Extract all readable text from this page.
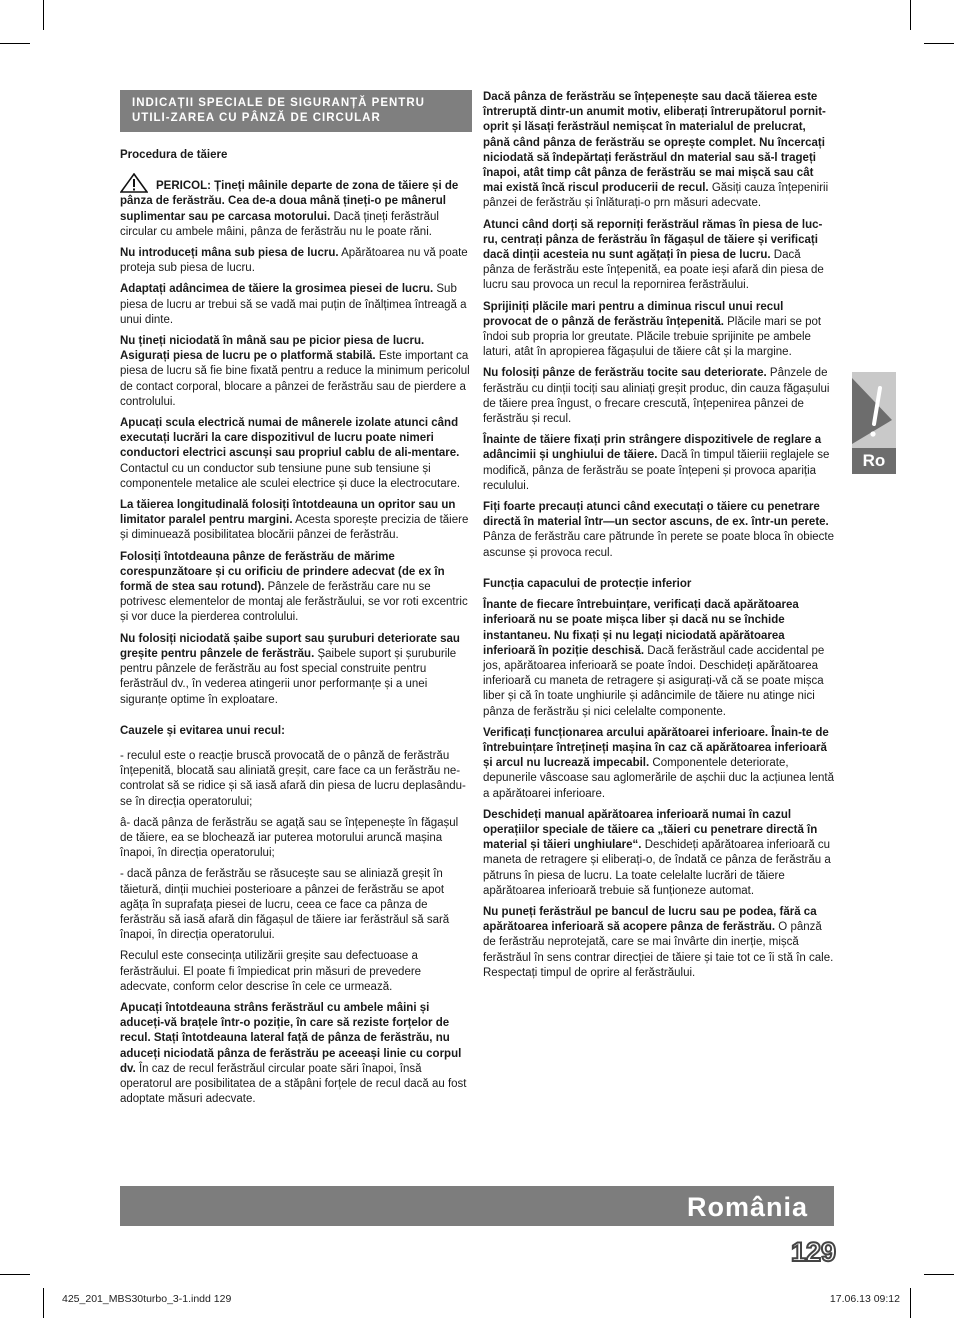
INDICAȚII SPECIALE DE SIGURANȚĂ PENTRU UTILI-ZAREA CU PÂNZĂ DE CIRCULAR

Procedura de tăiere

PERICOL: Țineți mâinile departe de zona de tăiere și de pânza de ferăstrău. Cea de-a doua mână țineți-o pe mânerul suplimentar sau pe carcasa motorului. Dacă țineți ferăstrăul circular cu ambele mâini, pânza de ferăstrău nu le poate răni.

Nu introduceți mâna sub piesa de lucru. Apărătoarea nu vă poate proteja sub piesa de lucru.

Adaptați adâncimea de tăiere la grosimea piesei de lucru. Sub piesa de lucru ar trebui să se vadă mai puțin de înălțimea întreagă a unui dinte.

Nu țineți niciodată în mână sau pe picior piesa de lucru. Asigurați piesa de lucru pe o platformă stabilă. Este important ca piesa de lucru să fie bine fixată pentru a reduce la minimum pericolul de contact corporal, blocare a pânzei de ferăstrău sau de pierdere a controlului.

Apucați scula electrică numai de mânerele izolate atunci când executați lucrări la care dispozitivul de lucru poate nimeri conductori electrici ascunși sau propriul cablu de ali-mentare. Contactul cu un conductor sub tensiune pune sub tensiune și componentele metalice ale sculei electrice și duce la electrocutare.

La tăierea longitudinală folosiți întotdeauna un opritor sau un limitator paralel pentru margini. Acesta sporește precizia de tăiere și diminuează posibilitatea blocării pânzei de ferăstrău.

Folosiți întotdeauna pânze de ferăstrău de mărime corespunzătoare și cu orificiu de prindere adecvat (de ex în formă de stea sau rotund). Pânzele de ferăstrău care nu se potrivesc elementelor de montaj ale ferăstrăului, se vor roti excentric și vor duce la pierderea controlului.

Nu folosiți niciodată șaibe suport sau șuruburi deteriorate sau greșite pentru pânzele de ferăstrău. Șaibele suport și șuruburile pentru pânzele de ferăstrău au fost special construite pentru ferăstrăul dv., în vederea atingerii unor performanțe și a unei siguranțe optime în exploatare.

Cauzele și evitarea unui recul:

- reculul este o reacție bruscă provocată de o pânză de ferăstrău înțepenită, blocată sau aliniată greșit, care face ca un ferăstrău ne-controlat să se ridice și să iasă afară din piesa de lucru deplasându-se în direcția operatorului;

â- dacă pânza de ferăstrău se agață sau se înțepenește în făgașul de tăiere, ea se blochează iar puterea motorului aruncă mașina înapoi, în direcția operatorului;

- dacă pânza de ferăstrău se răsucește sau se aliniază greșit în tăietură, dinții muchiei posterioare a pânzei de ferăstrău se apot agăța în suprafața piesei de lucru, ceea ce face ca pânza de ferăstrău să iasă afară din făgașul de tăiere iar ferăstrăul să sară înapoi, în direcția operatorului.

Reculul este consecința utilizării greșite sau defectuoase a ferăstrăului. El poate fi împiedicat prin măsuri de prevedere adecvate, conform celor descrise în cele ce urmează.

Apucați întotdeauna strâns ferăstrăul cu ambele mâini și aduceți-vă brațele într-o poziție, în care să reziste forțelor de recul. Stați întotdeauna lateral față de pânza de ferăstrău, nu aduceți niciodată pânza de ferăstrău pe aceeași linie cu corpul dv. În caz de recul ferăstrăul circular poate sări înapoi, însă operatorul are posibilitatea de a stăpâni forțele de recul dacă au fost adoptate măsuri adecvate.

Dacă pânza de ferăstrău se înțepenește sau dacă tăierea este întreruptă dintr-un anumit motiv, eliberați întrerupătorul pornit-oprit și lăsați ferăstrăul nemișcat în materialul de prelucrat, până când pânza de ferăstrău se oprește complet. Nu încercați niciodată să îndepărtați ferăstrăul dn material sau să-l trageți înapoi, atât timp cât pânza de ferăstrău se mai mișcă sau cât mai există încă riscul producerii de recul. Găsiți cauza înțepenirii pânzei de ferăstrău și înlăturați-o prn măsuri adecvate.

Atunci când dorți să reporniți ferăstrăul rămas în piesa de luc-ru, centrați pânza de ferăstrău în făgașul de tăiere și verificați dacă dinții acesteia nu sunt agățați în piesa de lucru. Dacă pânza de ferăstrău este înțepenită, ea poate ieși afară din piesa de lucru sau provoca un recul la repornirea ferăstrăului.

Sprijiniți plăcile mari pentru a diminua riscul unui recul provocat de o pânză de ferăstrău înțepenită. Plăcile mari se pot îndoi sub propria lor greutate. Plăcile trebuie sprijinite pe ambele laturi, atât în apropierea făgașului de tăiere cât și la margine.

Nu folosiți pânze de ferăstrău tocite sau deteriorate. Pânzele de ferăstrău cu dinții tociți sau aliniați greșit produc, din cauza făgașului de tăiere prea îngust, o frecare crescută, înțepenirea pânzei de ferăstrău și recul.

Înainte de tăiere fixați prin strângere dispozitivele de reglare a adâncimii și unghiului de tăiere. Dacă în timpul tăieriii reglajele se modifică, pânza de ferăstrău se poate înțepeni și provoca apariția reculului.

Fiți foarte precauți atunci când executați o tăiere cu penetrare directă în material într—un sector ascuns, de ex. într-un perete. Pânza de ferăstrău care pătrunde în perete se poate bloca în obiecte ascunse și provoca recul.

Funcția capacului de protecție inferior

Înante de fiecare întrebuințare, verificați dacă apărătoarea inferioară nu se poate mișca liber și dacă nu se închide instantaneu. Nu fixați și nu legați niciodată apărătoarea inferioară în poziție deschisă. Dacă ferăstrăul cade accidental pe jos, apărătoarea inferioară se poate îndoi. Deschideți apărătoarea inferioară cu maneta de retragere și asigurați-vă că se poate mișca liber și că în toate unghiurile și adâncimile de tăiere nu atinge nici pânza de ferăstrău și nici celelalte componente.

Verificați funcționarea arcului apărătoarei inferioare. Înain-te de întrebuințare întrețineți mașina în caz că apărătoarea inferioară și arcul nu lucrează impecabil. Componentele deteriorate, depunerile vâscoase sau aglomerările de așchii duc la acțiunea lentă a apărătoarei inferioare.

Deschideți manual apărătoarea inferioară numai în cazul operațiilor speciale de tăiere ca „tăieri cu penetrare directă în material și tăieri unghiulare“. Deschideți apărătoarea inferioară cu maneta de retragere și eliberați-o, de îndată ce pânza de ferăstrău a pătruns în piesa de lucru. La toate celelalte lucrări de tăiere apărătoarea inferioară trebuie să funționeze automat.

Nu puneți ferăstrăul pe bancul de lucru sau pe podea, fără ca apărătoarea inferioară să acopere pânza de ferăstrău. O pânză de ferăstrău neprotejată, care se mai învârte din inerție, mișcă ferăstrăul în sens contrar direcției de tăiere și taie tot ce îi stă în cale. Respectați timpul de oprire al ferăstrăului.

Ro
România
129
425_201_MBS30turbo_3-1.indd 129	17.06.13 09:12
